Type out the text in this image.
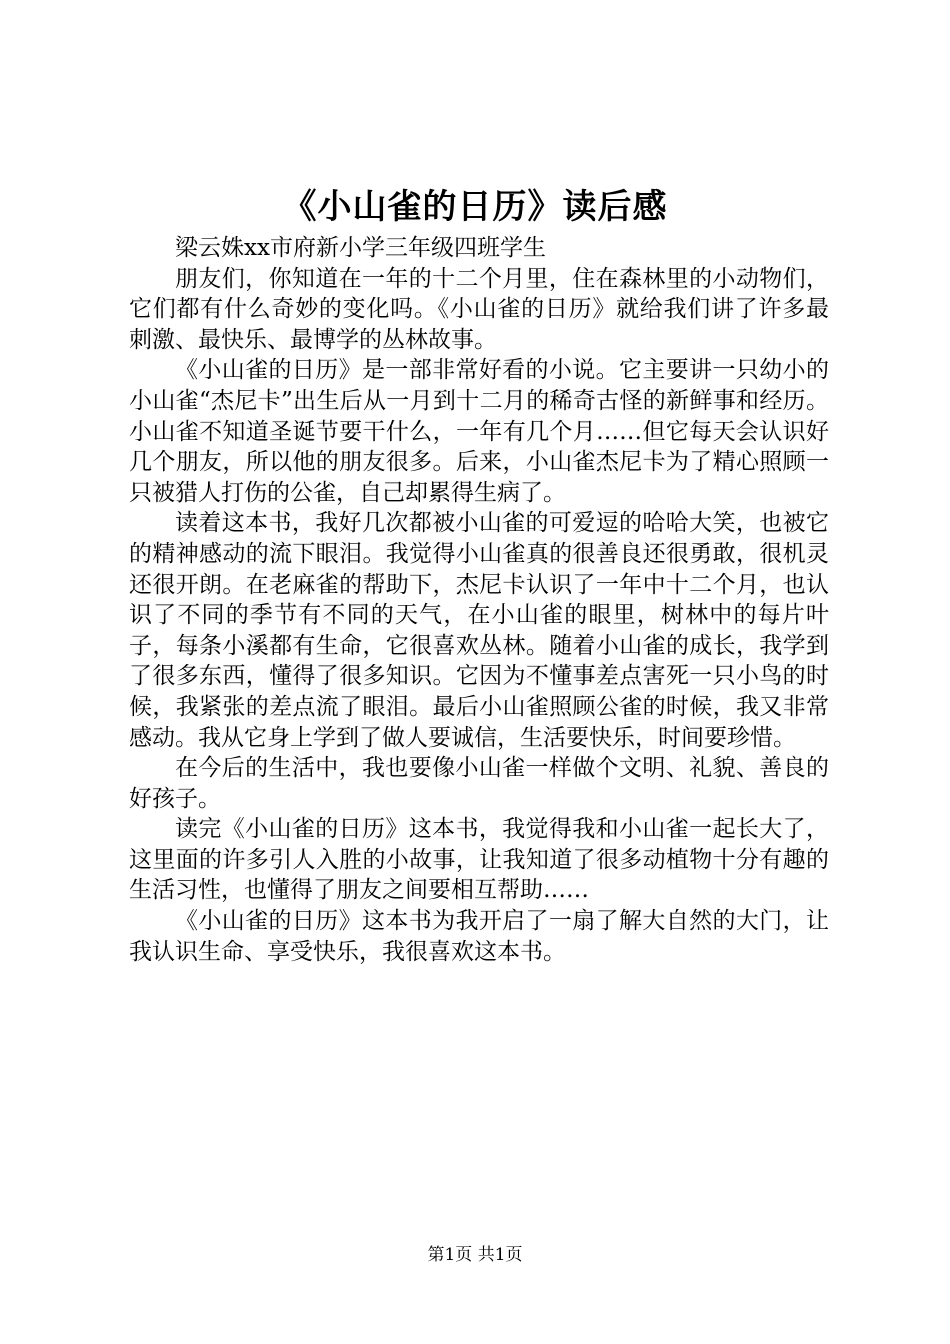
《小山雀的日历》读后感

梁云姝xx市府新小学三年级四班学生

朋友们，你知道在一年的十二个月里，住在森林里的小动物们，它们都有什么奇妙的变化吗。《小山雀的日历》就给我们讲了许多最刺激、最快乐、最博学的丛林故事。

《小山雀的日历》是一部非常好看的小说。它主要讲一只幼小的小山雀“杰尼卡”出生后从一月到十二月的稀奇古怪的新鲜事和经历。小山雀不知道圣诞节要干什么，一年有几个月……但它每天会认识好几个朋友，所以他的朋友很多。后来，小山雀杰尼卡为了精心照顾一只被猎人打伤的公雀，自己却累得生病了。

读着这本书，我好几次都被小山雀的可爱逗的哈哈大笑，也被它的精神感动的流下眼泪。我觉得小山雀真的很善良还很勇敢，很机灵还很开朗。在老麻雀的帮助下，杰尼卡认识了一年中十二个月，也认识了不同的季节有不同的天气，在小山雀的眼里，树林中的每片叶子，每条小溪都有生命，它很喜欢丛林。随着小山雀的成长，我学到了很多东西，懂得了很多知识。它因为不懂事差点害死一只小鸟的时候，我紧张的差点流了眼泪。最后小山雀照顾公雀的时候，我又非常感动。我从它身上学到了做人要诚信，生活要快乐，时间要珍惜。

在今后的生活中，我也要像小山雀一样做个文明、礼貌、善良的好孩子。

读完《小山雀的日历》这本书，我觉得我和小山雀一起长大了，这里面的许多引人入胜的小故事，让我知道了很多动植物十分有趣的生活习性，也懂得了朋友之间要相互帮助……

《小山雀的日历》这本书为我开启了一扇了解大自然的大门，让我认识生命、享受快乐，我很喜欢这本书。

第1页 共1页
